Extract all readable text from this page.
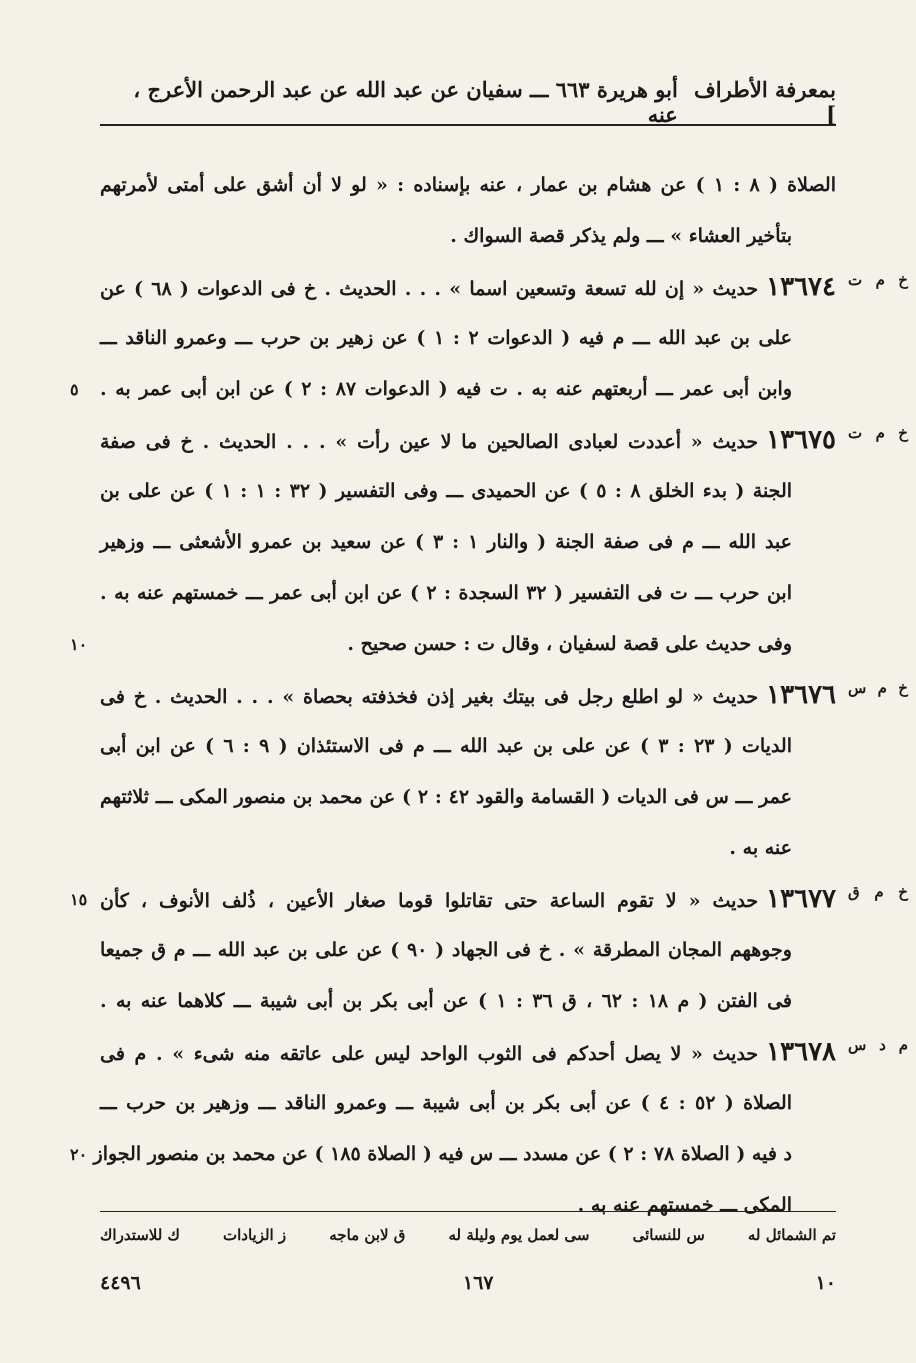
بمعرفة الأطراف ]
أبو هريرة ٦٦٣ ـــ سفيان عن عبد الله عن عبد الرحمن الأعرج ، عنه
الصلاة ( ٨ : ١ ) عن هشام بن عمار ، عنه بإسناده : « لو لا أن أشق على أمتى لأمرتهم
بتأخير العشاء » ـــ ولم يذكر قصة السواك .
١٣٦٧٤حديث « إن لله تسعة وتسعين اسما » . . . الحديث . خ فى الدعوات ( ٦٨ ) عن	خ م ت
على بن عبد الله ـــ م فيه ( الدعوات ٢ : ١ ) عن زهير بن حرب ـــ وعمرو الناقد ـــ
وابن أبى عمر ـــ أربعتهم عنه به . ت فيه ( الدعوات ٨٧ : ٢ ) عن ابن أبى عمر به .
٥
١٣٦٧٥حديث « أعددت لعبادى الصالحين ما لا عين رأت » . . . الحديث . خ فى صفة	خ م ت
الجنة ( بدء الخلق ٨ : ٥ ) عن الحميدى ـــ وفى التفسير ( ٣٢ : ١ : ١ ) عن على بن
عبد الله ـــ م فى صفة الجنة ( والنار ١ : ٣ ) عن سعيد بن عمرو الأشعثى ـــ وزهير
ابن حرب ـــ ت فى التفسير ( ٣٢ السجدة : ٢ ) عن ابن أبى عمر ـــ خمستهم عنه به .
وفى حديث على قصة لسفيان ، وقال ت : حسن صحيح .
١٠
١٣٦٧٦حديث « لو اطلع رجل فى بيتك بغير إذن فخذفته بحصاة » . . . الحديث . خ فى	خ م س
الديات ( ٢٣ : ٣ ) عن على بن عبد الله ـــ م فى الاستئذان ( ٩ : ٦ ) عن ابن أبى
عمر ـــ س فى الديات ( القسامة والقود ٤٢ : ٢ ) عن محمد بن منصور المكى ـــ ثلاثتهم
عنه به .
١٣٦٧٧حديث « لا تقوم الساعة حتى تقاتلوا قوما صغار الأعين ، ذُلف الأنوف ، كأن	خ م ق
١٥
وجوههم المجان المطرقة » . خ فى الجهاد ( ٩٠ ) عن على بن عبد الله ـــ م ق جميعا
فى الفتن ( م ١٨ : ٦٢ ، ق ٣٦ : ١ ) عن أبى بكر بن أبى شيبة ـــ كلاهما عنه به .
١٣٦٧٨حديث « لا يصل أحدكم فى الثوب الواحد ليس على عاتقه منه شىء » . م فى	م د س
الصلاة ( ٥٢ : ٤ ) عن أبى بكر بن أبى شيبة ـــ وعمرو الناقد ـــ وزهير بن حرب ـــ
د فيه ( الصلاة ٧٨ : ٢ ) عن مسدد ـــ س فيه ( الصلاة ١٨٥ ) عن محمد بن منصور الجواز
٢٠
المكى ـــ خمستهم عنه به .
تم الشمائل له
س للنسائى
سى لعمل يوم وليلة له
ق لابن ماجه
ز الزيادات
ك للاستدراك
١٠
١٦٧
٤٤٩٦
